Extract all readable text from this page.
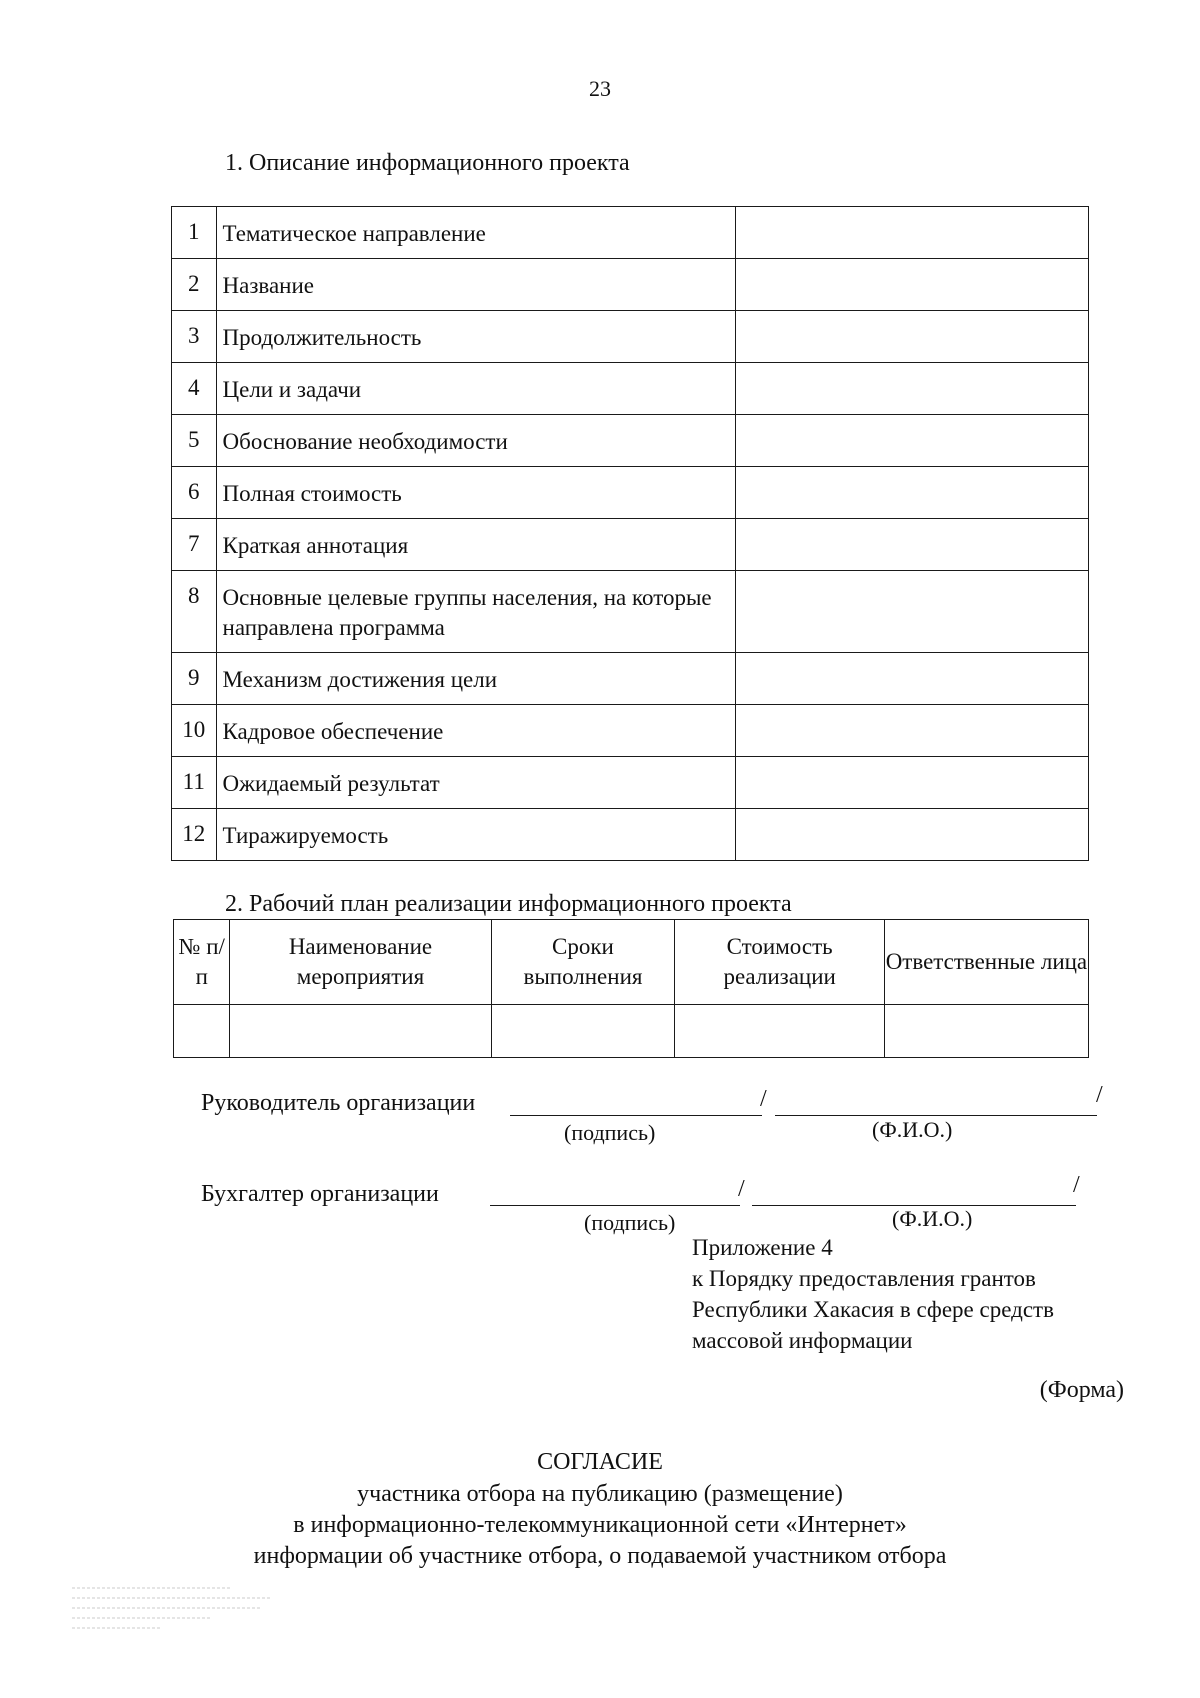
23
1. Описание информационного проекта
1	Тематическое направление	
2	Название	
3	Продолжительность	
4	Цели и задачи	
5	Обоснование необходимости	
6	Полная стоимость	
7	Краткая аннотация	
8	Основные целевые группы населения, на которые направлена программа	
9	Механизм достижения цели	
10	Кадровое обеспечение	
11	Ожидаемый результат	
12	Тиражируемость	
2. Рабочий план реализации информационного проекта
№ п/п	Наименование мероприятия	Сроки выполнения	Стоимость реализации	Ответственные лица

Руководитель организации	/	/
(подпись)	(Ф.И.О.)
Бухгалтер организации	/	/
(подпись)	(Ф.И.О.)
Приложение 4
к Порядку предоставления грантов
Республики Хакасия в сфере средств
массовой информации
(Форма)
СОГЛАСИЕ
участника отбора на публикацию (размещение)
в информационно-телекоммуникационной сети «Интернет»
информации об участнике отбора, о подаваемой участником отбора
